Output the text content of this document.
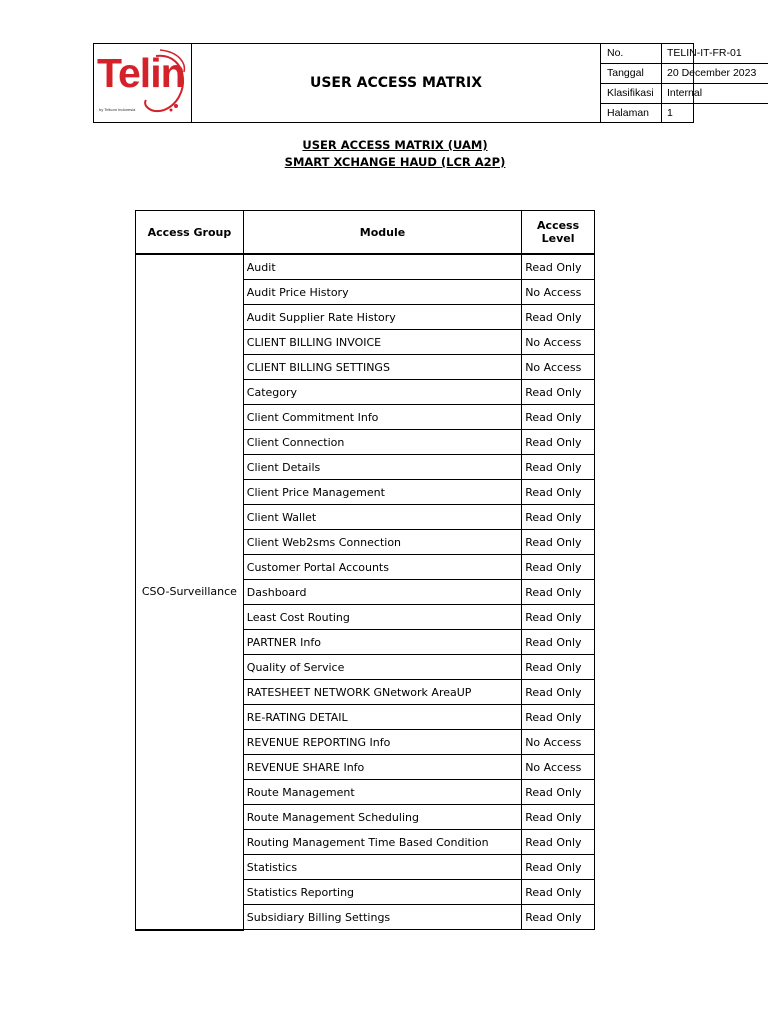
Telin
by Telkom Indonesia
USER ACCESS MATRIX
No.	TELIN-IT-FR-01
Tanggal	20 December 2023
Klasifikasi	Internal
Halaman	1
USER ACCESS MATRIX (UAM)
SMART XCHANGE HAUD (LCR A2P)
Access Group	Module	Access Level
CSO-Surveillance	Audit	Read Only
	Audit Price History	No Access
	Audit Supplier Rate History	Read Only
	CLIENT BILLING INVOICE	No Access
	CLIENT BILLING SETTINGS	No Access
	Category	Read Only
	Client Commitment Info	Read Only
	Client Connection	Read Only
	Client Details	Read Only
	Client Price Management	Read Only
	Client Wallet	Read Only
	Client Web2sms Connection	Read Only
	Customer Portal Accounts	Read Only
	Dashboard	Read Only
	Least Cost Routing	Read Only
	PARTNER Info	Read Only
	Quality of Service	Read Only
	RATESHEET NETWORK GNetwork AreaUP	Read Only
	RE-RATING DETAIL	Read Only
	REVENUE REPORTING Info	No Access
	REVENUE SHARE Info	No Access
	Route Management	Read Only
	Route Management Scheduling	Read Only
	Routing Management Time Based Condition	Read Only
	Statistics	Read Only
	Statistics Reporting	Read Only
	Subsidiary Billing Settings	Read Only
